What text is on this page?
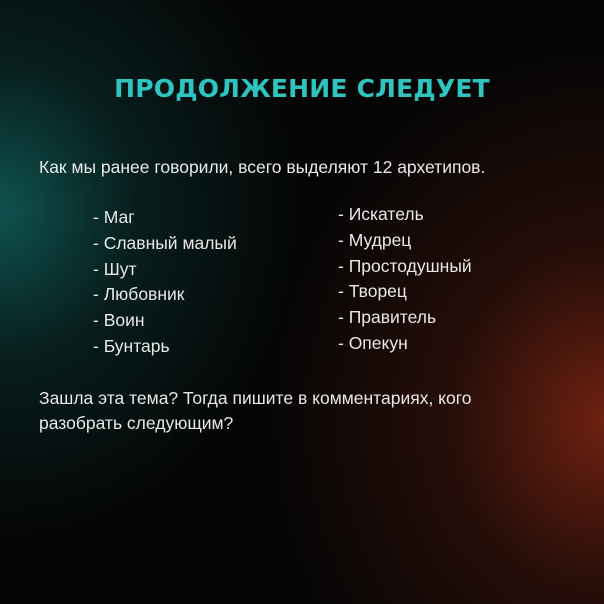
ПРОДОЛЖЕНИЕ СЛЕДУЕТ
Как мы ранее говорили, всего выделяют 12 архетипов.
- Маг
- Славный малый
- Шут
- Любовник
- Воин
- Бунтарь
- Искатель
- Мудрец
- Простодушный
- Творец
- Правитель
- Опекун
Зашла эта тема? Тогда пишите в комментариях, кого
разобрать следующим?
